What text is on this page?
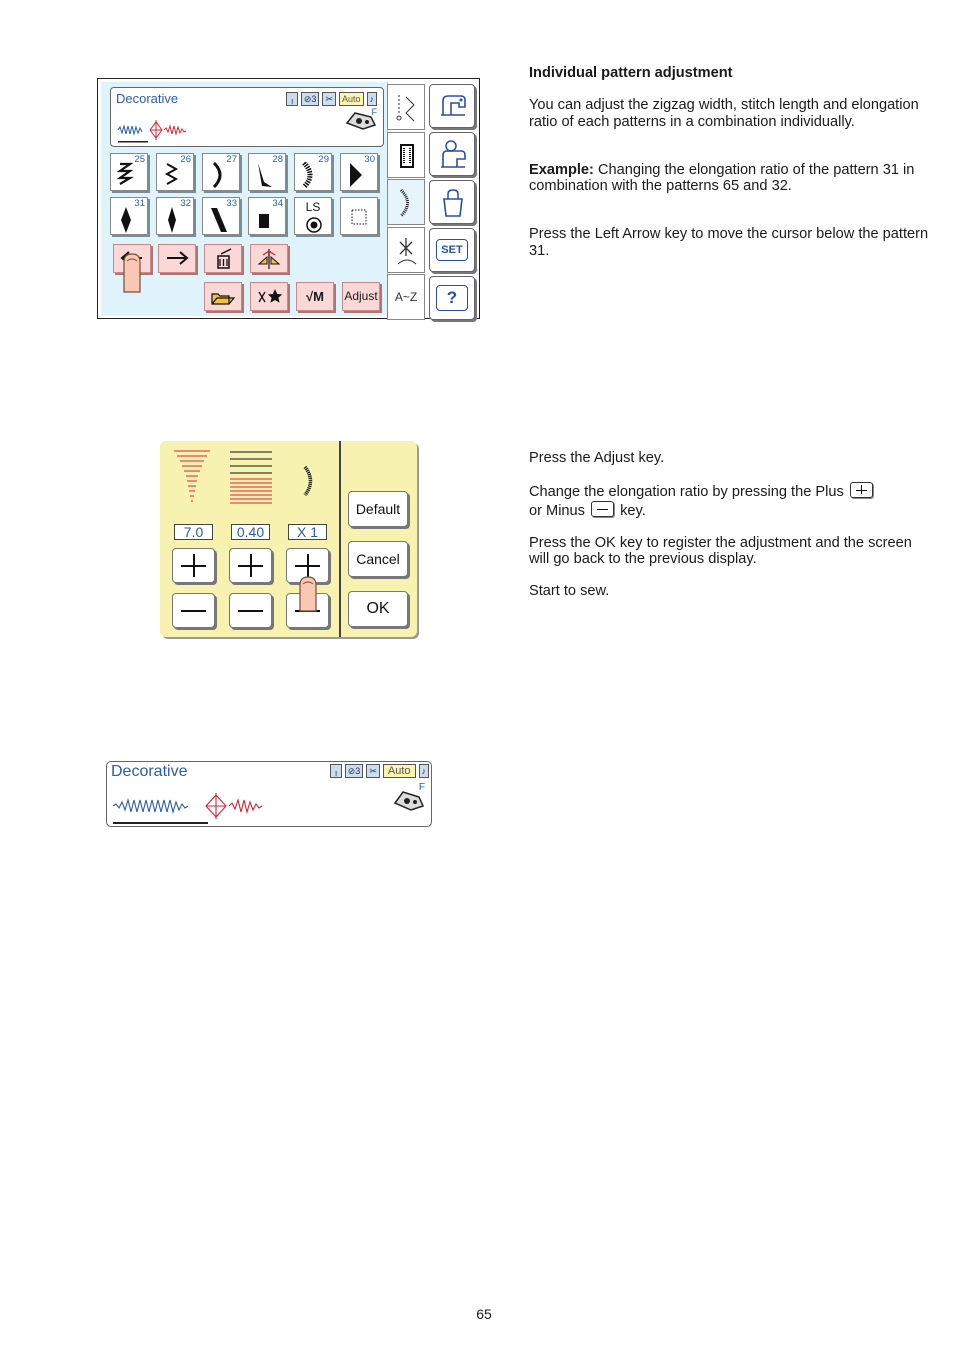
Decorative	╷	⊘3	✂	Auto	♪
F
25	26	27	28	29	30
31	32	33	34	LS
√M	Adjust	A~Z
SET
?
7.0	0.40	X 1
Default
Cancel
OK
Decorative	╷	⊘3	✂	Auto	♪
F

Individual pattern adjustment

You can adjust the zigzag width, stitch length and elongation ratio of each patterns in a combination individually.

Example: Changing the elongation ratio of the pattern 31 in combination with the patterns 65 and 32.

Press the Left Arrow key to move the cursor below the pattern 31.

Press the Adjust key.

Change the elongation ratio by pressing the Plus

or Minus key.

Press the OK key to register the adjustment and the screen will go back to the previous display.

Start to sew.

65
